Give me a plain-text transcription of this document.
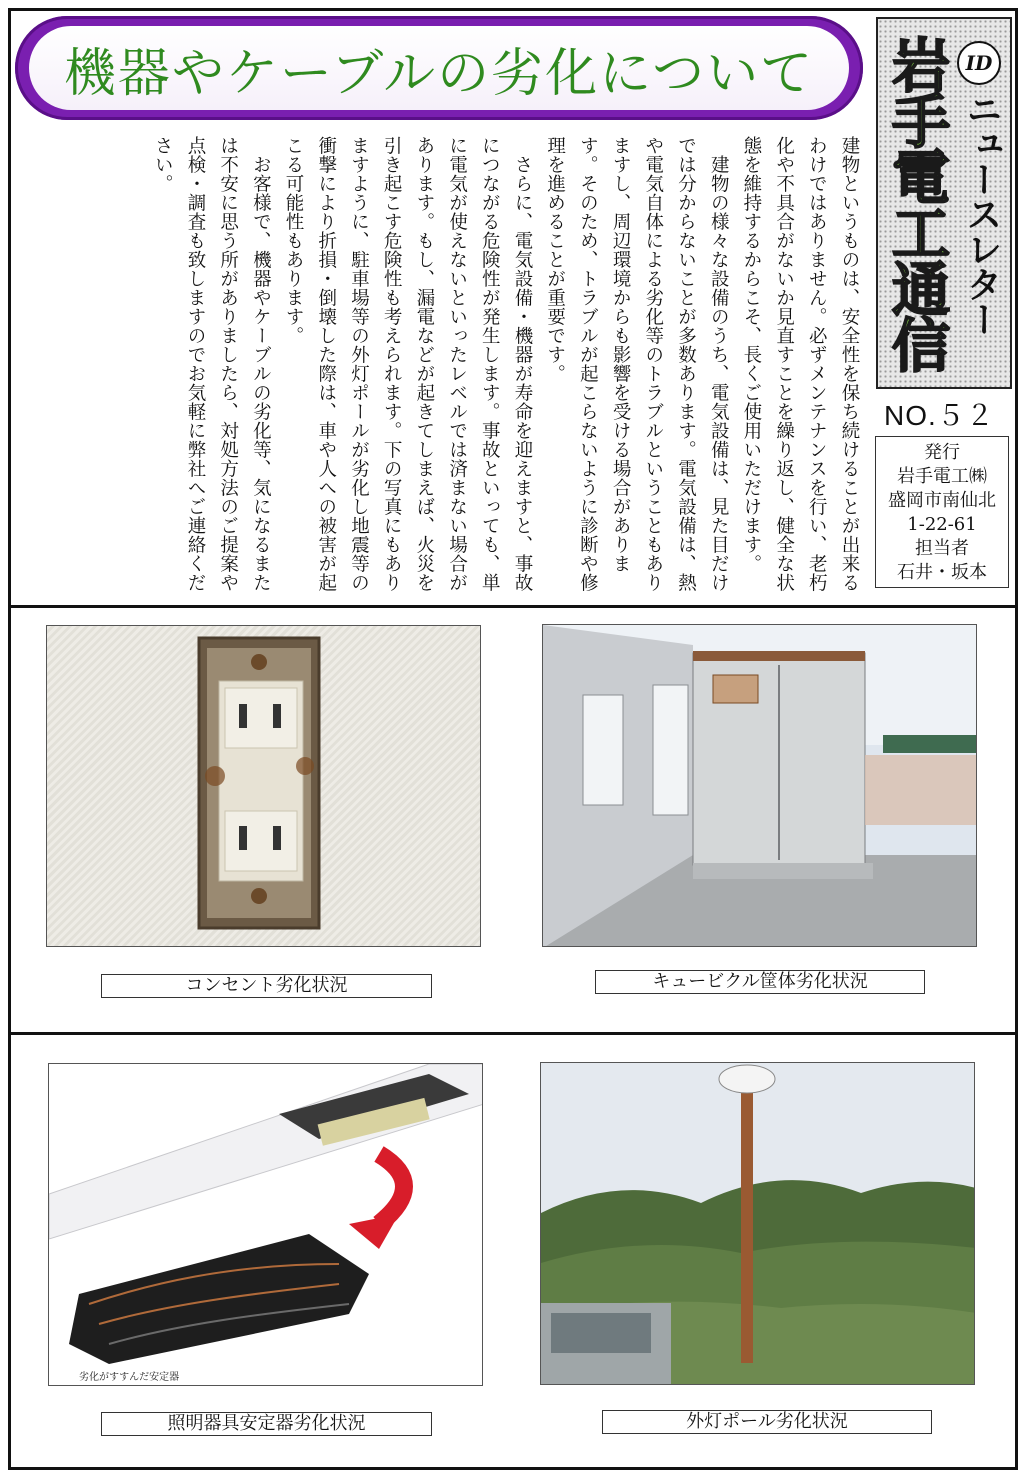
機器やケーブルの劣化について

建物というものは、安全性を保ち続けることが出来るわけではありません。必ずメンテナンスを行い、老朽化や不具合がないか見直すことを繰り返し、健全な状態を維持するからこそ、長くご使用いただけます。

建物の様々な設備のうち、電気設備は、見た目だけでは分からないことが多数あります。電気設備は、熱や電気自体による劣化等のトラブルということもありますし、周辺環境からも影響を受ける場合があります。そのため、トラブルが起こらないように診断や修理を進めることが重要です。

さらに、電気設備・機器が寿命を迎えますと、事故につながる危険性が発生します。事故といっても、単に電気が使えないといったレベルでは済まない場合があります。もし、漏電などが起きてしまえば、火災を引き起こす危険性も考えられます。下の写真にもありますように、駐車場等の外灯ポールが劣化し地震等の衝撃により折損・倒壊した際は、車や人への被害が起こる可能性もあります。

お客様で、機器やケーブルの劣化等、気になるまたは不安に思う所がありましたら、対処方法のご提案や点検・調査も致しますのでお気軽に弊社へご連絡ください。	岩手電工通信 ID
ニュースレター
NO.５２
発行
岩手電工㈱
盛岡市南仙北
1-22-61
担当者
石井・坂本
コンセント劣化状況	キュービクル筐体劣化状況
劣化がすすんだ安定器
照明器具安定器劣化状況	外灯ポール劣化状況
